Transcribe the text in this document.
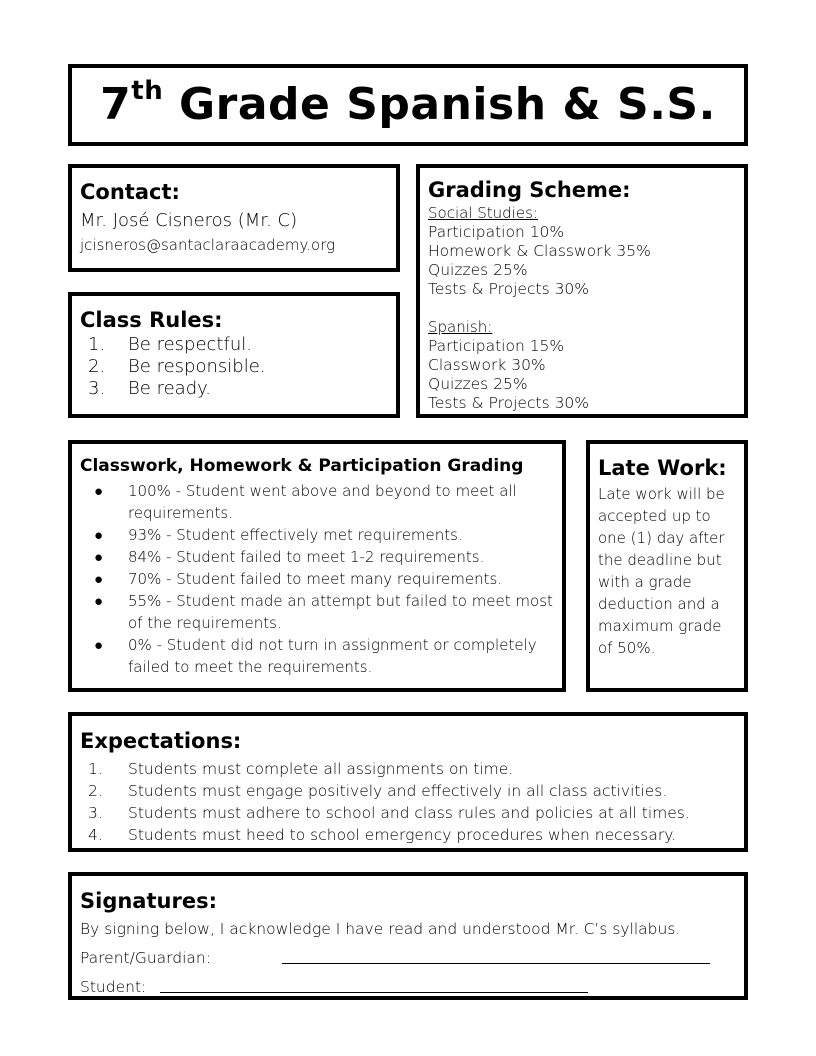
7th Grade Spanish & S.S.
Contact:
Mr. José Cisneros (Mr. C)
jcisneros@santaclaraacademy.org
Class Rules:
1.	Be respectful.
2.	Be responsible.
3.	Be ready.
Grading Scheme:
Social Studies:
Participation 10%
Homework & Classwork 35%
Quizzes 25%
Tests & Projects 30%
Spanish:
Participation 15%
Classwork 30%
Quizzes 25%
Tests & Projects 30%
Classwork, Homework & Participation Grading
● 100% - Student went above and beyond to meet all requirements.
● 93% - Student effectively met requirements.
● 84% - Student failed to meet 1-2 requirements.
● 70% - Student failed to meet many requirements.
● 55% - Student made an attempt but failed to meet most of the requirements.
● 0% - Student did not turn in assignment or completely failed to meet the requirements.
Late Work:
Late work will be accepted up to one (1) day after the deadline but with a grade deduction and a maximum grade of 50%.
Expectations:
1.	Students must complete all assignments on time.
2.	Students must engage positively and effectively in all class activities.
3.	Students must adhere to school and class rules and policies at all times.
4.	Students must heed to school emergency procedures when necessary.
Signatures:
By signing below, I acknowledge I have read and understood Mr. C’s syllabus.
Parent/Guardian:
Student:
